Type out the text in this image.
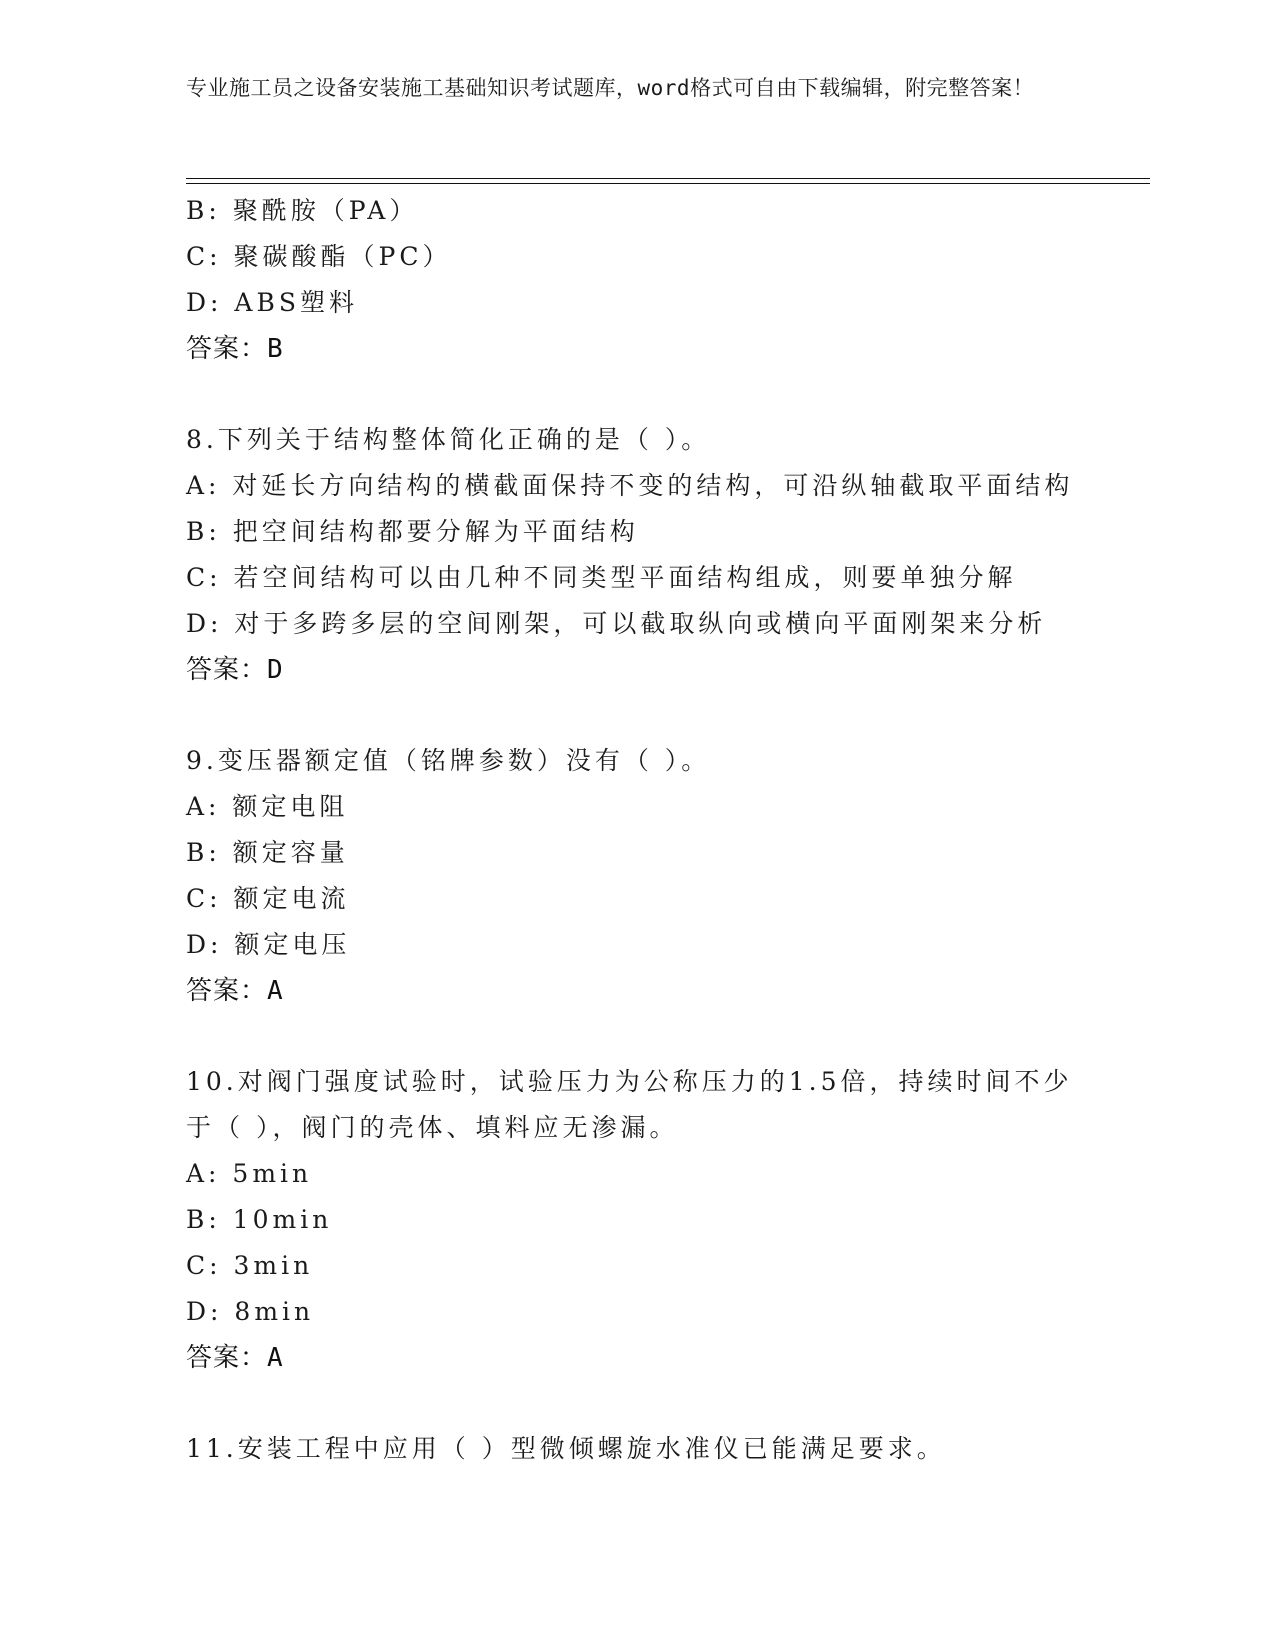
专业施工员之设备安装施工基础知识考试题库，word格式可自由下载编辑，附完整答案！
B: 聚酰胺（PA）
C: 聚碳酸酯（PC）
D: ABS塑料
答案：B
8.下列关于结构整体简化正确的是（ ）。
A: 对延长方向结构的横截面保持不变的结构，可沿纵轴截取平面结构
B: 把空间结构都要分解为平面结构
C: 若空间结构可以由几种不同类型平面结构组成，则要单独分解
D: 对于多跨多层的空间刚架，可以截取纵向或横向平面刚架来分析
答案：D
9.变压器额定值（铭牌参数）没有（ ）。
A: 额定电阻
B: 额定容量
C: 额定电流
D: 额定电压
答案：A
10.对阀门强度试验时，试验压力为公称压力的1.5倍，持续时间不少
于（ ），阀门的壳体、填料应无渗漏。
A: 5min
B: 10min
C: 3min
D: 8min
答案：A
11.安装工程中应用（ ）型微倾螺旋水准仪已能满足要求。
